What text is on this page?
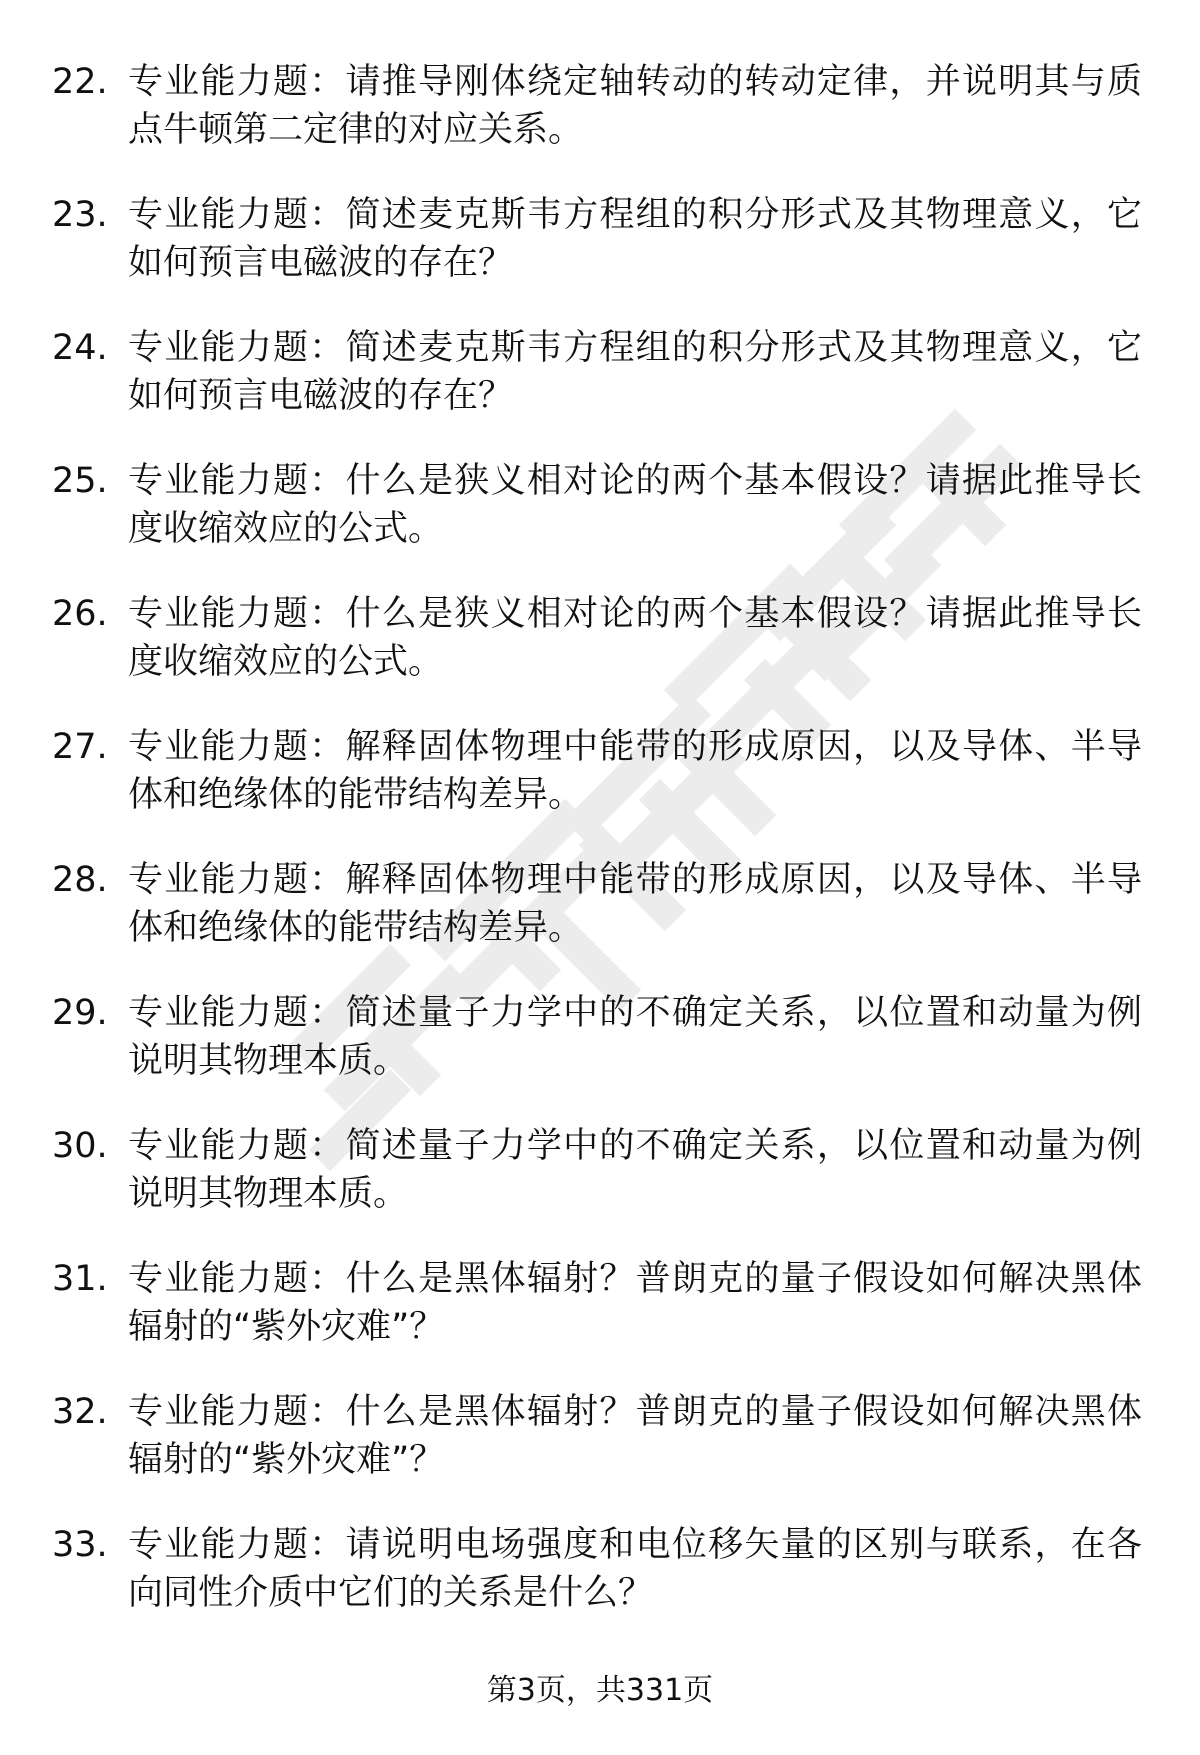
22. 专业能力题：请推导刚体绕定轴转动的转动定律，并说明其与质点牛顿第二定律的对应关系。
23. 专业能力题：简述麦克斯韦方程组的积分形式及其物理意义，它如何预言电磁波的存在？
24. 专业能力题：简述麦克斯韦方程组的积分形式及其物理意义，它如何预言电磁波的存在？
25. 专业能力题：什么是狭义相对论的两个基本假设？请据此推导长度收缩效应的公式。
26. 专业能力题：什么是狭义相对论的两个基本假设？请据此推导长度收缩效应的公式。
27. 专业能力题：解释固体物理中能带的形成原因，以及导体、半导体和绝缘体的能带结构差异。
28. 专业能力题：解释固体物理中能带的形成原因，以及导体、半导体和绝缘体的能带结构差异。
29. 专业能力题：简述量子力学中的不确定关系，以位置和动量为例说明其物理本质。
30. 专业能力题：简述量子力学中的不确定关系，以位置和动量为例说明其物理本质。
31. 专业能力题：什么是黑体辐射？普朗克的量子假设如何解决黑体辐射的“紫外灾难”？
32. 专业能力题：什么是黑体辐射？普朗克的量子假设如何解决黑体辐射的“紫外灾难”？
33. 专业能力题：请说明电场强度和电位移矢量的区别与联系，在各向同性介质中它们的关系是什么？
第3页，共331页
